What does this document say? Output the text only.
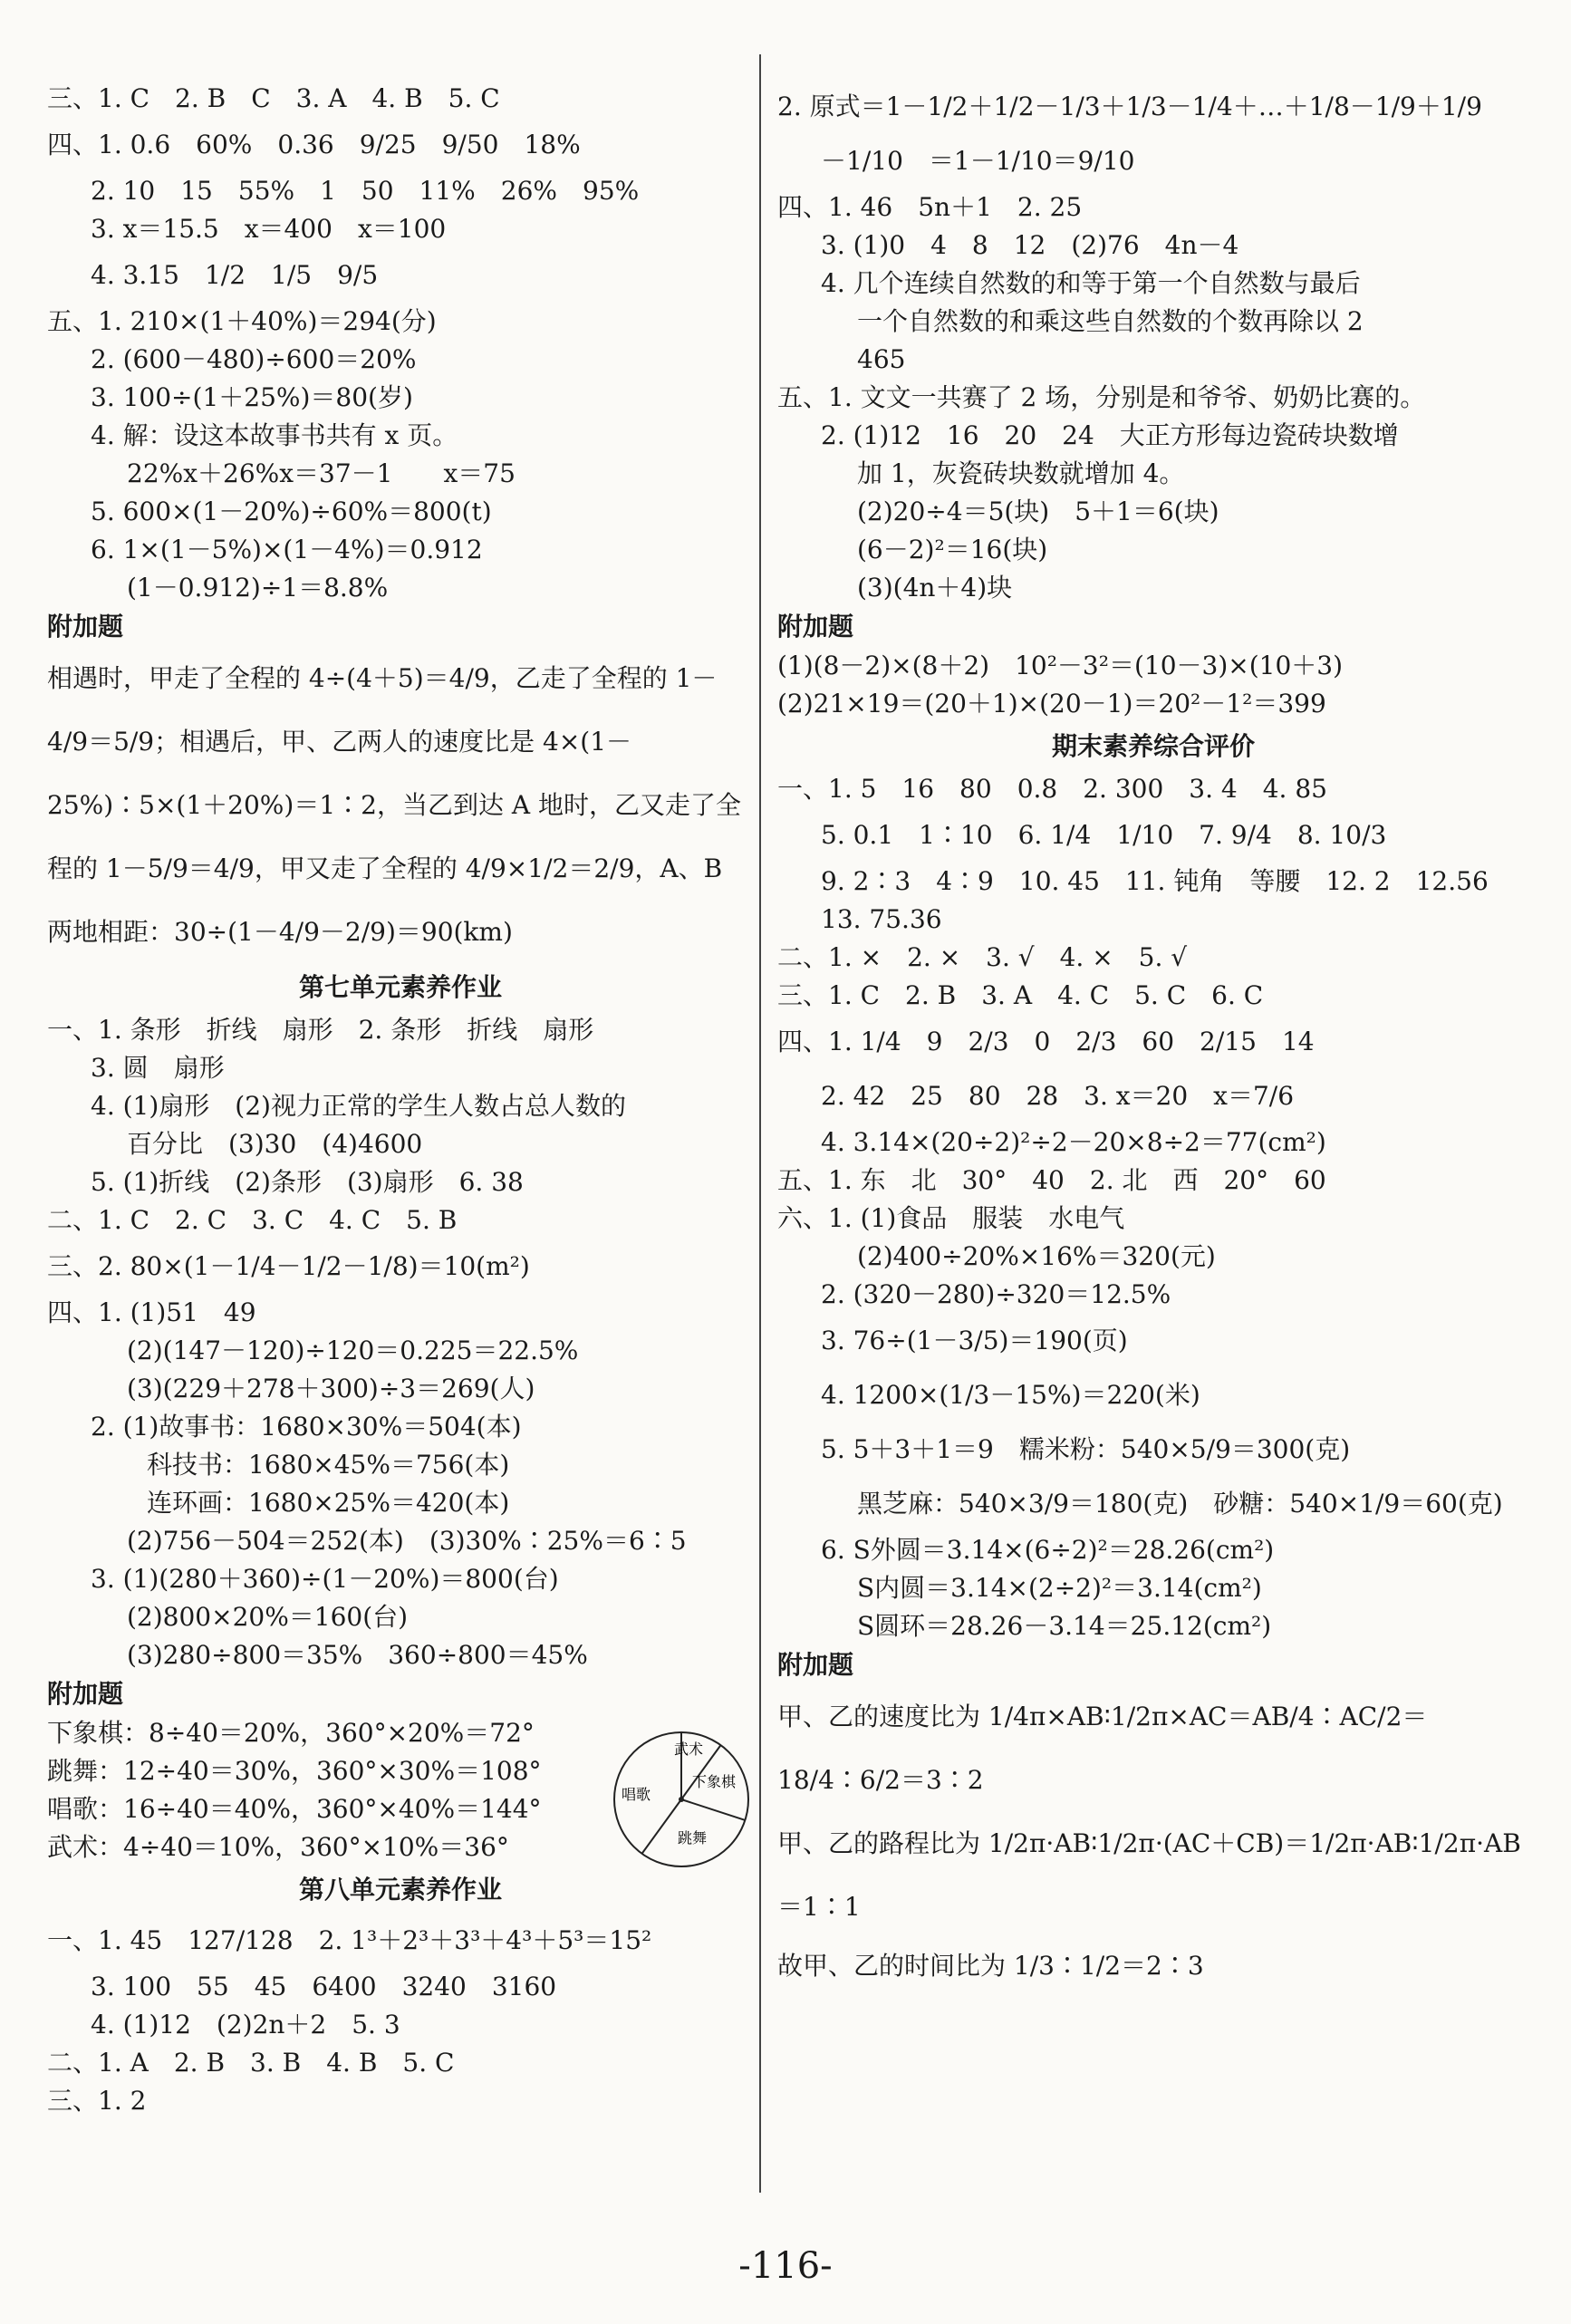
三、1. C　2. B　C　3. A　4. B　5. C
四、1. 0.6　60%　0.36　9/25　9/50　18%
2. 10　15　55%　1　50　11%　26%　95%
3. x＝15.5　x＝400　x＝100
4. 3.15　1/2　1/5　9/5
五、1. 210×(1＋40%)＝294(分)
2. (600－480)÷600＝20%
3. 100÷(1＋25%)＝80(岁)
4. 解：设这本故事书共有 x 页。
22%x＋26%x＝37－1　　x＝75
5. 600×(1－20%)÷60%＝800(t)
6. 1×(1－5%)×(1－4%)＝0.912
(1－0.912)÷1＝8.8%
附加题
相遇时，甲走了全程的 4÷(4＋5)＝4/9，乙走了全程的 1－4/9＝5/9；相遇后，甲、乙两人的速度比是 4×(1－25%)∶5×(1＋20%)＝1∶2，当乙到达 A 地时，乙又走了全程的 1－5/9＝4/9，甲又走了全程的 4/9×1/2＝2/9，A、B 两地相距：30÷(1－4/9－2/9)＝90(km)
第七单元素养作业
一、1. 条形　折线　扇形　2. 条形　折线　扇形
3. 圆　扇形
4. (1)扇形　(2)视力正常的学生人数占总人数的
百分比　(3)30　(4)4600
5. (1)折线　(2)条形　(3)扇形　6. 38
二、1. C　2. C　3. C　4. C　5. B
三、2. 80×(1－1/4－1/2－1/8)＝10(m²)
四、1. (1)51　49
(2)(147－120)÷120＝0.225＝22.5%
(3)(229＋278＋300)÷3＝269(人)
2. (1)故事书：1680×30%＝504(本)
科技书：1680×45%＝756(本)
连环画：1680×25%＝420(本)
(2)756－504＝252(本)　(3)30%∶25%＝6∶5
3. (1)(280＋360)÷(1－20%)＝800(台)
(2)800×20%＝160(台)
(3)280÷800＝35%　360÷800＝45%
附加题
下象棋：8÷40＝20%，360°×20%＝72°
跳舞：12÷40＝30%，360°×30%＝108°
唱歌：16÷40＝40%，360°×40%＝144°
武术：4÷40＝10%，360°×10%＝36°
第八单元素养作业
一、1. 45　127/128　2. 1³＋2³＋3³＋4³＋5³＝15²
3. 100　55　45　6400　3240　3160
4. (1)12　(2)2n＋2　5. 3
二、1. A　2. B　3. B　4. B　5. C
三、1. 2
武术
下象棋
唱歌
跳舞
2. 原式＝1－1/2＋1/2－1/3＋1/3－1/4＋…＋1/8－1/9＋1/9
－1/10　＝1－1/10＝9/10
四、1. 46　5n＋1　2. 25
3. (1)0　4　8　12　(2)76　4n－4
4. 几个连续自然数的和等于第一个自然数与最后
一个自然数的和乘这些自然数的个数再除以 2
465
五、1. 文文一共赛了 2 场，分别是和爷爷、奶奶比赛的。
2. (1)12　16　20　24　大正方形每边瓷砖块数增
加 1，灰瓷砖块数就增加 4。
(2)20÷4＝5(块)　5＋1＝6(块)
(6－2)²＝16(块)
(3)(4n＋4)块
附加题
(1)(8－2)×(8＋2)　10²－3²＝(10－3)×(10＋3)
(2)21×19＝(20＋1)×(20－1)＝20²－1²＝399
期末素养综合评价
一、1. 5　16　80　0.8　2. 300　3. 4　4. 85
5. 0.1　1∶10　6. 1/4　1/10　7. 9/4　8. 10/3
9. 2∶3　4∶9　10. 45　11. 钝角　等腰　12. 2　12.56
13. 75.36
二、1. ×　2. ×　3. √　4. ×　5. √
三、1. C　2. B　3. A　4. C　5. C　6. C
四、1. 1/4　9　2/3　0　2/3　60　2/15　14
2. 42　25　80　28　3. x＝20　x＝7/6
4. 3.14×(20÷2)²÷2－20×8÷2＝77(cm²)
五、1. 东　北　30°　40　2. 北　西　20°　60
六、1. (1)食品　服装　水电气
(2)400÷20%×16%＝320(元)
2. (320－280)÷320＝12.5%
3. 76÷(1－3/5)＝190(页)
4. 1200×(1/3－15%)＝220(米)
5. 5＋3＋1＝9　糯米粉：540×5/9＝300(克)
黑芝麻：540×3/9＝180(克)　砂糖：540×1/9＝60(克)
6. S外圆＝3.14×(6÷2)²＝28.26(cm²)
S内圆＝3.14×(2÷2)²＝3.14(cm²)
S圆环＝28.26－3.14＝25.12(cm²)
附加题
甲、乙的速度比为 1/4π×AB∶1/2π×AC＝AB/4∶AC/2＝18/4∶6/2＝3∶2
甲、乙的路程比为 1/2π·AB∶1/2π·(AC＋CB)＝1/2π·AB∶1/2π·AB＝1∶1
故甲、乙的时间比为 1/3∶1/2＝2∶3
-116-
